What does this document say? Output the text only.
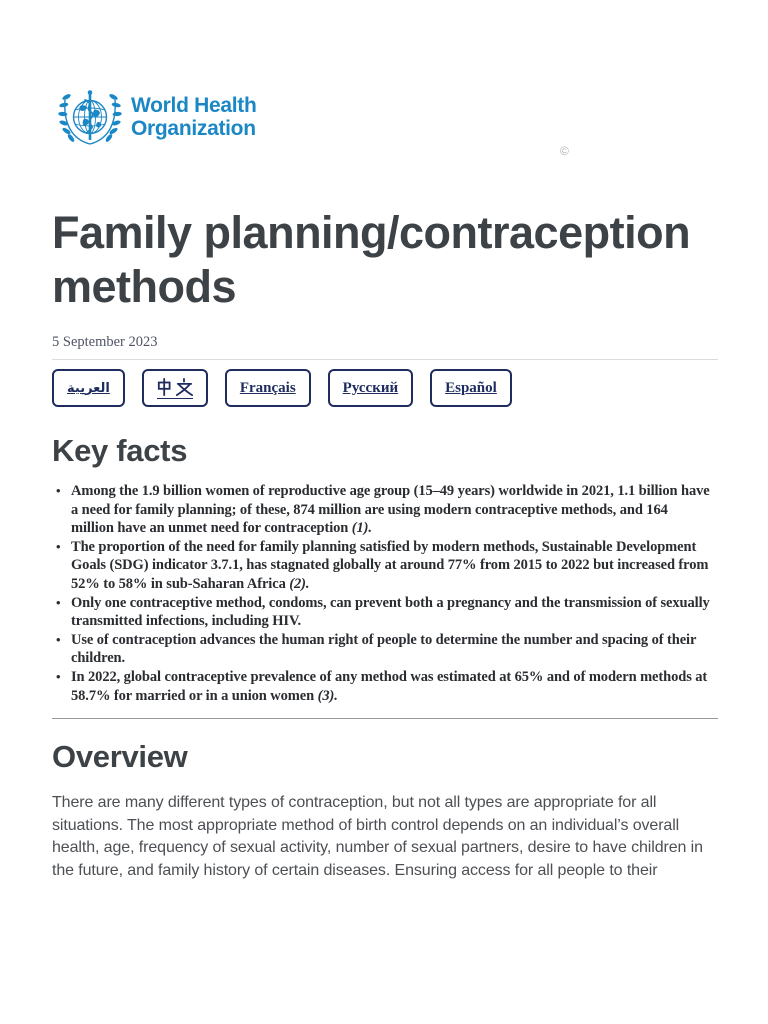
World Health
Organization
©
Family planning/contraception methods
5 September 2023
العربية	Français	Русский	Español
Key facts
• Among the 1.9 billion women of reproductive age group (15–49 years) worldwide in 2021, 1.1 billion have a need for family planning; of these, 874 million are using modern contraceptive methods, and 164 million have an unmet need for contraception (1).
• The proportion of the need for family planning satisfied by modern methods, Sustainable Development Goals (SDG) indicator 3.7.1, has stagnated globally at around 77% from 2015 to 2022 but increased from 52% to 58% in sub-Saharan Africa (2).
• Only one contraceptive method, condoms, can prevent both a pregnancy and the transmission of sexually transmitted infections, including HIV.
• Use of contraception advances the human right of people to determine the number and spacing of their children.
• In 2022, global contraceptive prevalence of any method was estimated at 65% and of modern methods at 58.7% for married or in a union women (3).
Overview

There are many different types of contraception, but not all types are appropriate for all situations. The most appropriate method of birth control depends on an individual’s overall health, age, frequency of sexual activity, number of sexual partners, desire to have children in the future, and family history of certain diseases. Ensuring access for all people to their
